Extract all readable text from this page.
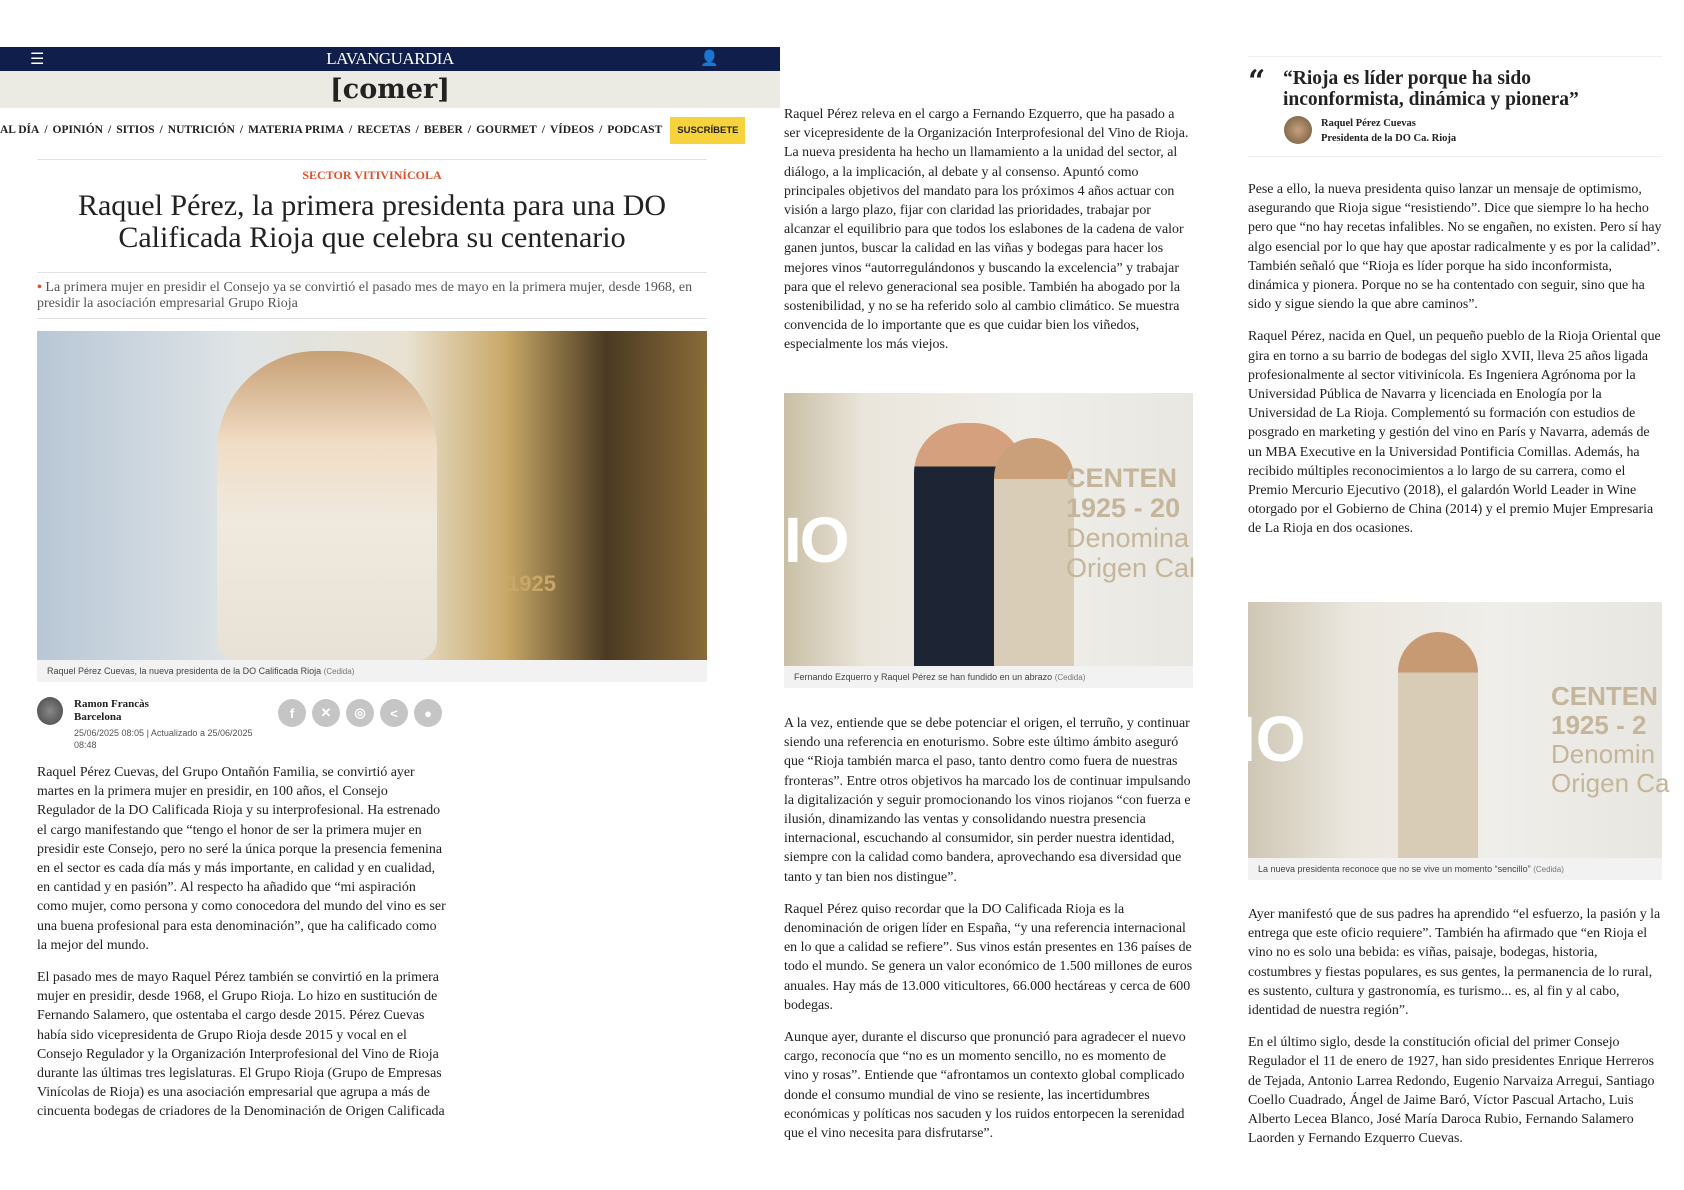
☰	LAVANGUARDIA	👤
[comer]
AL DÍA / OPINIÓN / SITIOS / NUTRICIÓN / MATERIA PRIMA / RECETAS / BEBER / GOURMET / VÍDEOS / PODCAST	SUSCRÍBETE
SECTOR VITIVINÍCOLA
Raquel Pérez, la primera presidenta para una DO Calificada Rioja que celebra su centenario
• La primera mujer en presidir el Consejo ya se convirtió el pasado mes de mayo en la primera mujer, desde 1968, en presidir la asociación empresarial Grupo Rioja
1925
Raquel Pérez Cuevas, la nueva presidenta de la DO Calificada Rioja (Cedida)
Ramon Francàs
Barcelona
25/06/2025 08:05 | Actualizado a 25/06/2025 08:48
f	✕	◎	<	●

Raquel Pérez Cuevas, del Grupo Ontañón Familia, se convirtió ayer martes en la primera mujer en presidir, en 100 años, el Consejo Regulador de la DO Calificada Rioja y su interprofesional. Ha estrenado el cargo manifestando que “tengo el honor de ser la primera mujer en presidir este Consejo, pero no seré la única porque la presencia femenina en el sector es cada día más y más importante, en calidad y en cualidad, en cantidad y en pasión”. Al respecto ha añadido que “mi aspiración como mujer, como persona y como conocedora del mundo del vino es ser una buena profesional para esta denominación”, que ha calificado como la mejor del mundo.

El pasado mes de mayo Raquel Pérez también se convirtió en la primera mujer en presidir, desde 1968, el Grupo Rioja. Lo hizo en sustitución de Fernando Salamero, que ostentaba el cargo desde 2015. Pérez Cuevas había sido vicepresidenta de Grupo Rioja desde 2015 y vocal en el Consejo Regulador y la Organización Interprofesional del Vino de Rioja durante las últimas tres legislaturas. El Grupo Rioja (Grupo de Empresas Vinícolas de Rioja) es una asociación empresarial que agrupa a más de cincuenta bodegas de criadores de la Denominación de Origen Calificada

Raquel Pérez releva en el cargo a Fernando Ezquerro, que ha pasado a ser vicepresidente de la Organización Interprofesional del Vino de Rioja. La nueva presidenta ha hecho un llamamiento a la unidad del sector, al diálogo, a la implicación, al debate y al consenso. Apuntó como principales objetivos del mandato para los próximos 4 años actuar con visión a largo plazo, fijar con claridad las prioridades, trabajar por alcanzar el equilibrio para que todos los eslabones de la cadena de valor ganen juntos, buscar la calidad en las viñas y bodegas para hacer los mejores vinos “autorregulándonos y buscando la excelencia” y trabajar para que el relevo generacional sea posible. También ha abogado por la sostenibilidad, y no se ha referido solo al cambio climático. Se muestra convencida de lo importante que es que cuidar bien los viñedos, especialmente los más viejos.

IO
CENTEN
1925 - 20
Denomina
Origen Cal
Fernando Ezquerro y Raquel Pérez se han fundido en un abrazo (Cedida)

A la vez, entiende que se debe potenciar el origen, el terruño, y continuar siendo una referencia en enoturismo. Sobre este último ámbito aseguró que “Rioja también marca el paso, tanto dentro como fuera de nuestras fronteras”. Entre otros objetivos ha marcado los de continuar impulsando la digitalización y seguir promocionando los vinos riojanos “con fuerza e ilusión, dinamizando las ventas y consolidando nuestra presencia internacional, escuchando al consumidor, sin perder nuestra identidad, siempre con la calidad como bandera, aprovechando esa diversidad que tanto y tan bien nos distingue”.

Raquel Pérez quiso recordar que la DO Calificada Rioja es la denominación de origen líder en España, “y una referencia internacional en lo que a calidad se refiere”. Sus vinos están presentes en 136 países de todo el mundo. Se genera un valor económico de 1.500 millones de euros anuales. Hay más de 13.000 viticultores, 66.000 hectáreas y cerca de 600 bodegas.

Aunque ayer, durante el discurso que pronunció para agradecer el nuevo cargo, reconocía que “no es un momento sencillo, no es momento de vino y rosas”. Entiende que “afrontamos un contexto global complicado donde el consumo mundial de vino se resiente, las incertidumbres económicas y políticas nos sacuden y los ruidos entorpecen la serenidad que el vino necesita para disfrutarse”.

“ “Rioja es líder porque ha sido inconformista, dinámica y pionera”
Raquel Pérez Cuevas
Presidenta de la DO Ca. Rioja

Pese a ello, la nueva presidenta quiso lanzar un mensaje de optimismo, asegurando que Rioja sigue “resistiendo”. Dice que siempre lo ha hecho pero que “no hay recetas infalibles. No se engañen, no existen. Pero sí hay algo esencial por lo que hay que apostar radicalmente y es por la calidad”. También señaló que “Rioja es líder porque ha sido inconformista, dinámica y pionera. Porque no se ha contentado con seguir, sino que ha sido y sigue siendo la que abre caminos”.

Raquel Pérez, nacida en Quel, un pequeño pueblo de la Rioja Oriental que gira en torno a su barrio de bodegas del siglo XVII, lleva 25 años ligada profesionalmente al sector vitivinícola. Es Ingeniera Agrónoma por la Universidad Pública de Navarra y licenciada en Enología por la Universidad de La Rioja. Complementó su formación con estudios de posgrado en marketing y gestión del vino en París y Navarra, además de un MBA Executive en la Universidad Pontificia Comillas. Además, ha recibido múltiples reconocimientos a lo largo de su carrera, como el Premio Mercurio Ejecutivo (2018), el galardón World Leader in Wine otorgado por el Gobierno de China (2014) y el premio Mujer Empresaria de La Rioja en dos ocasiones.

IO
CENTEN
1925 - 2
Denomin
Origen Ca
La nueva presidenta reconoce que no se vive un momento “sencillo” (Cedida)

Ayer manifestó que de sus padres ha aprendido “el esfuerzo, la pasión y la entrega que este oficio requiere”. También ha afirmado que “en Rioja el vino no es solo una bebida: es viñas, paisaje, bodegas, historia, costumbres y fiestas populares, es sus gentes, la permanencia de lo rural, es sustento, cultura y gastronomía, es turismo... es, al fin y al cabo, identidad de nuestra región”.

En el último siglo, desde la constitución oficial del primer Consejo Regulador el 11 de enero de 1927, han sido presidentes Enrique Herreros de Tejada, Antonio Larrea Redondo, Eugenio Narvaiza Arregui, Santiago Coello Cuadrado, Ángel de Jaime Baró, Víctor Pascual Artacho, Luis Alberto Lecea Blanco, José María Daroca Rubio, Fernando Salamero Laorden y Fernando Ezquerro Cuevas.
